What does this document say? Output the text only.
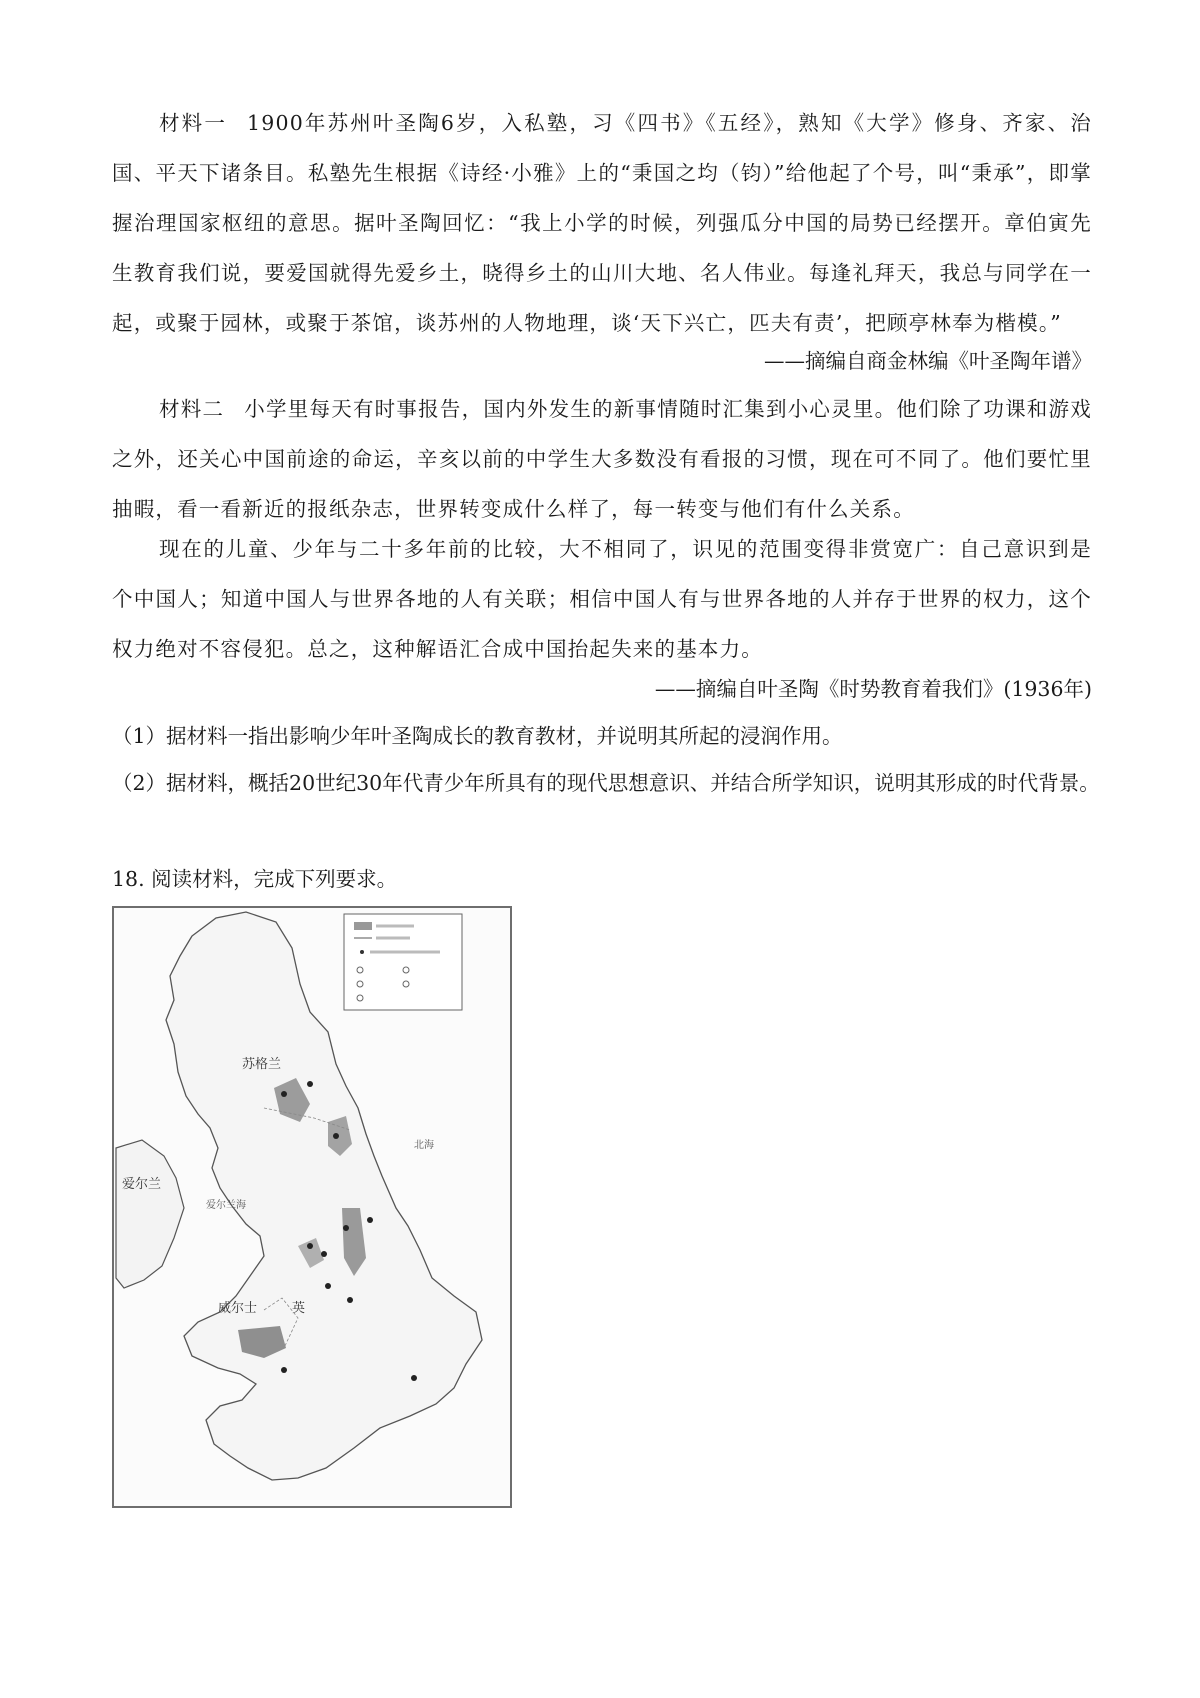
材料一 1900年苏州叶圣陶6岁，入私塾，习《四书》《五经》，熟知《大学》修身、齐家、治国、平天下诸条目。私塾先生根据《诗经·小雅》上的“秉国之均（钧）”给他起了个号，叫“秉承”，即掌握治理国家枢纽的意思。据叶圣陶回忆：“我上小学的时候，列强瓜分中国的局势已经摆开。章伯寅先生教育我们说，要爱国就得先爱乡土，晓得乡土的山川大地、名人伟业。每逢礼拜天，我总与同学在一起，或聚于园林，或聚于茶馆，谈苏州的人物地理，谈‘天下兴亡，匹夫有责’，把顾亭林奉为楷模。”

——摘编自商金林编《叶圣陶年谱》

材料二 小学里每天有时事报告，国内外发生的新事情随时汇集到小心灵里。他们除了功课和游戏之外，还关心中国前途的命运，辛亥以前的中学生大多数没有看报的习惯，现在可不同了。他们要忙里抽暇，看一看新近的报纸杂志，世界转变成什么样了，每一转变与他们有什么关系。

现在的儿童、少年与二十多年前的比较，大不相同了，识见的范围变得非赏宽广：自己意识到是个中国人；知道中国人与世界各地的人有关联；相信中国人有与世界各地的人并存于世界的权力，这个权力绝对不容侵犯。总之，这种解语汇合成中国抬起失来的基本力。

——摘编自叶圣陶《时势教育着我们》(1936年)

（1）据材料一指出影响少年叶圣陶成长的教育教材，并说明其所起的浸润作用。

（2）据材料，概括20世纪30年代青少年所具有的现代思想意识、并结合所学知识，说明其形成的时代背景。

18. 阅读材料，完成下列要求。

苏格兰
爱尔兰
威尔士	英
北海
爱尔兰海
